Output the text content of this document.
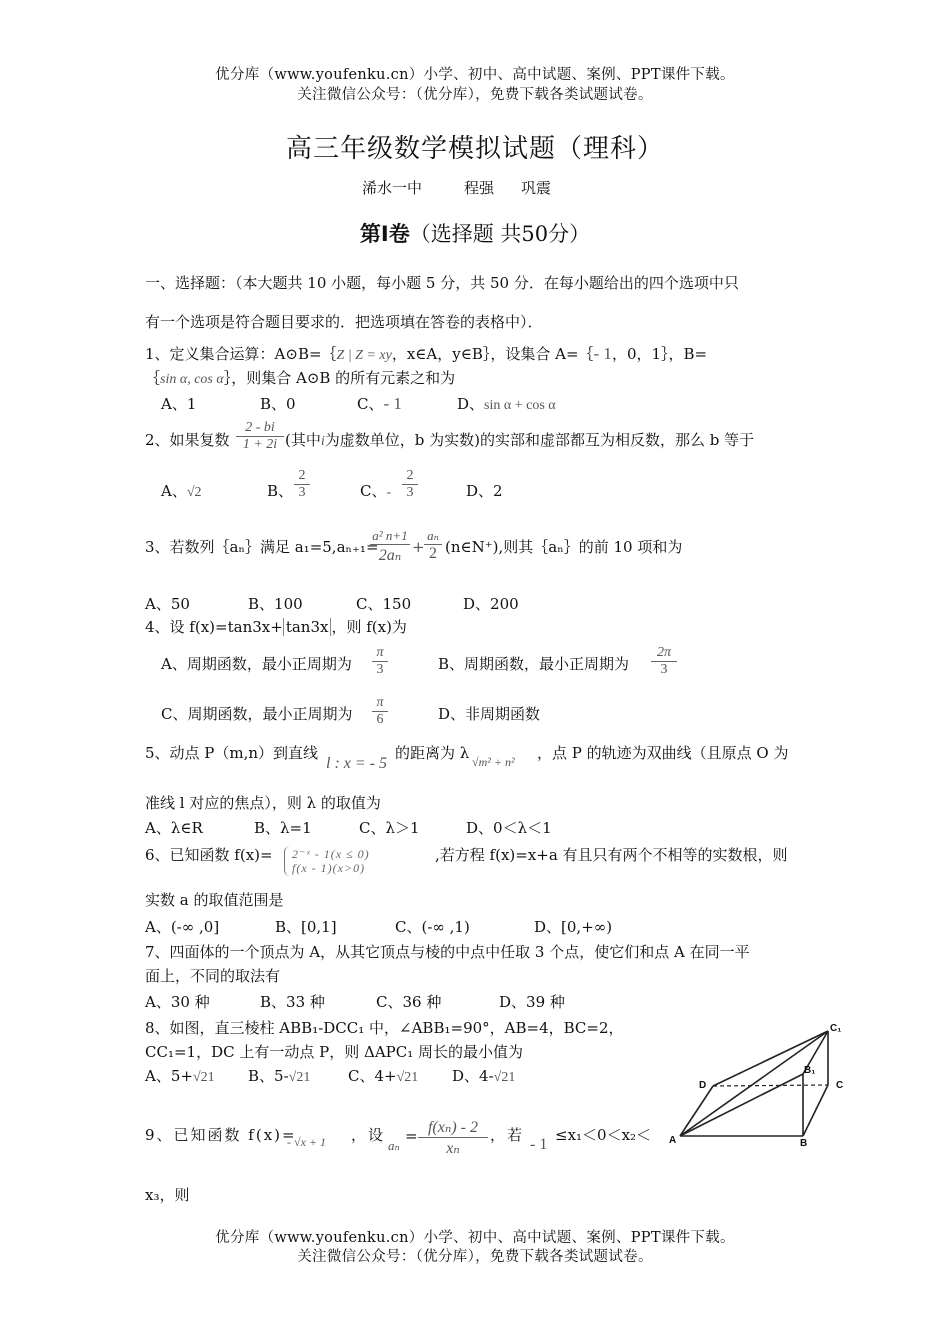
优分库（www.youfenku.cn）小学、初中、高中试题、案例、PPT课件下载。
关注微信公众号：（优分库），免费下载各类试题试卷。
高三年级数学模拟试题（理科）
浠水一中	程强 巩震
第Ⅰ卷（选择题 共50分）
一、选择题：（本大题共 10 小题，每小题 5 分，共 50 分．在每小题给出的四个选项中只
有一个选项是符合题目要求的．把选项填在答卷的表格中）．
1、定义集合运算：A⊙B=｛Z | Z = xy，x∈A，y∈B｝，设集合 A=｛- 1，0，1｝，B=
｛sin α, cos α｝，则集合 A⊙B 的所有元素之和为
A、1	B、0	C、- 1	D、sin α + cos α
2、如果复数 $\frac{2 - bi}{1 + 2i}$ (其中i为虚数单位，b 为实数)的实部和虚部都互为相反数，那么 b 等于
A、√2	B、 $\frac{2}{3}$	C、- $\frac{2}{3}$	D、2
3、若数列｛aₙ｝满足 a₁=5,aₙ₊₁=
a² n+1
2aₙ +
aₙ
2 (n∈N⁺),则其｛aₙ｝的前 10 项和为
A、50	B、100	C、150	D、200
4、设 f(x)=tan3x+ tan3x ，则 f(x)为
A、周期函数，最小正周期为 $\frac{\pi}{3}$	B、周期函数，最小正周期为 $\frac{2\pi}{3}$
C、周期函数，最小正周期为 $\frac{\pi}{6}$	D、非周期函数
5、动点 P（m,n）到直线
l : x = - 5
的距离为 λ √m² + n² ，点 P 的轨迹为双曲线（且原点 O 为
准线 l 对应的焦点），则 λ 的取值为
A、λ∈R	B、λ=1	C、λ＞1	D、0＜λ＜1
6、已知函数 f(x)= 2⁻ˣ - 1(x ≤ 0)
f(x - 1)(x>0)
,若方程 f(x)=x+a 有且只有两个不相等的实数根，则
实数 a 的取值范围是
A、(-∞ ,0]	B、[0,1]	C、(-∞ ,1)	D、[0,+∞)
7、四面体的一个顶点为 A，从其它顶点与棱的中点中任取 3 个点，使它们和点 A 在同一平
面上，不同的取法有
A、30 种	B、33 种	C、36 种	D、39 种
8、如图，直三棱柱 ABB₁-DCC₁ 中，∠ABB₁=90°，AB=4，BC=2，
CC₁=1，DC 上有一动点 P，则 ΔAPC₁ 周长的最小值为
A、5+√21 B、5-√21	C、4+√21 D、4-√21
A	B
C
D
B₁
C₁
9、已知函数 f(x)=
- √x + 1 ，设
aₙ
= $\frac{\text{f(xₙ) - 2}}{\text{xₙ}}$ ，若
- 1
≤x₁＜0＜x₂＜
x₃，则
优分库（www.youfenku.cn）小学、初中、高中试题、案例、PPT课件下载。
关注微信公众号：（优分库），免费下载各类试题试卷。
